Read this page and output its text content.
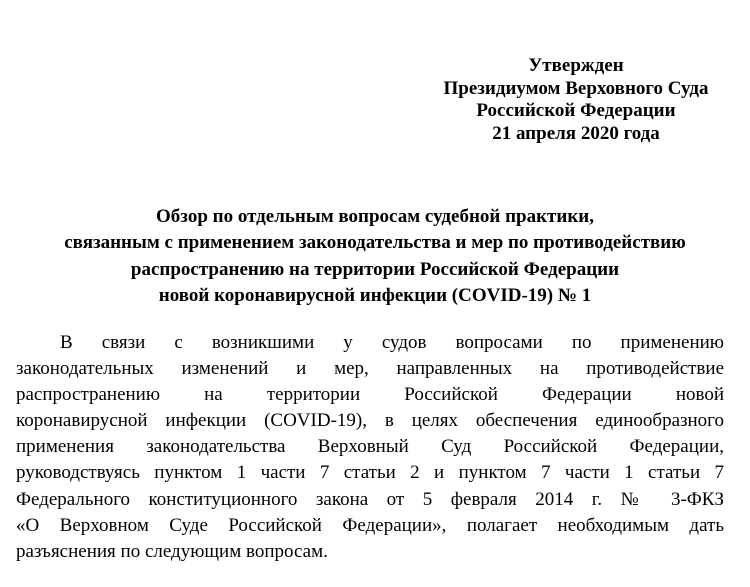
Утвержден
Президиумом Верховного Суда
Российской Федерации
21 апреля 2020 года
Обзор по отдельным вопросам судебной практики,
связанным с применением законодательства и мер по противодействию
распространению на территории Российской Федерации
новой коронавирусной инфекции (COVID-19) № 1
В связи с возникшими у судов вопросами по применению
законодательных изменений и мер, направленных на противодействие
распространению на территории Российской Федерации новой
коронавирусной инфекции (COVID-19), в целях обеспечения единообразного
применения законодательства Верховный Суд Российской Федерации,
руководствуясь пунктом 1 части 7 статьи 2 и пунктом 7 части 1 статьи 7
Федерального конституционного закона от 5 февраля 2014 г. № 3-ФКЗ
«О Верховном Суде Российской Федерации», полагает необходимым дать
разъяснения по следующим вопросам.
